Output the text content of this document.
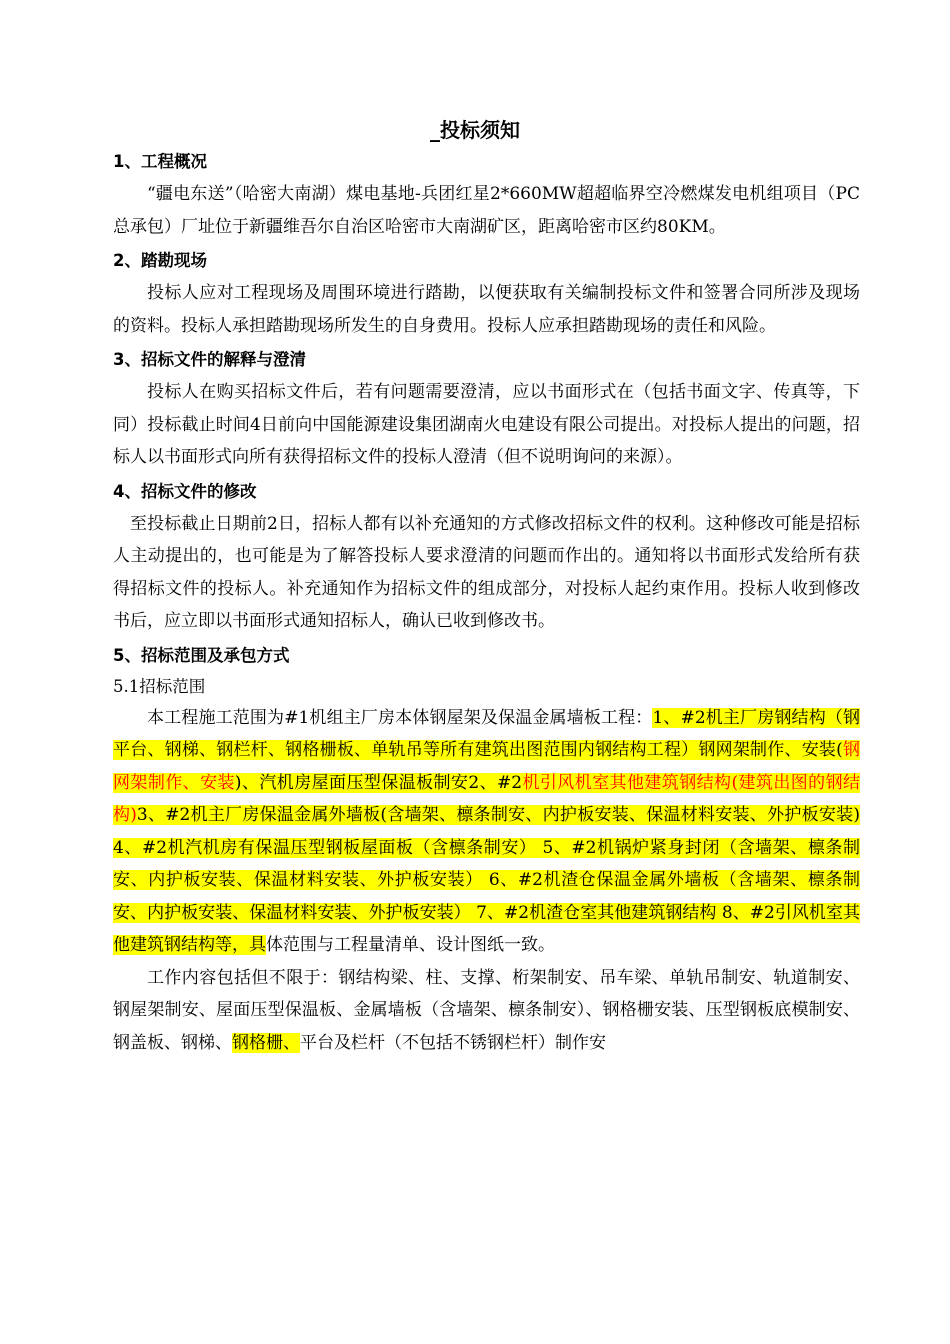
_投标须知
1、工程概况

“疆电东送”（哈密大南湖）煤电基地-兵团红星2*660MW超超临界空冷燃煤发电机组项目（PC总承包）厂址位于新疆维吾尔自治区哈密市大南湖矿区，距离哈密市区约80KM。

2、踏勘现场

投标人应对工程现场及周围环境进行踏勘，以便获取有关编制投标文件和签署合同所涉及现场的资料。投标人承担踏勘现场所发生的自身费用。投标人应承担踏勘现场的责任和风险。

3、招标文件的解释与澄清

投标人在购买招标文件后，若有问题需要澄清，应以书面形式在（包括书面文字、传真等，下同）投标截止时间4日前向中国能源建设集团湖南火电建设有限公司提出。对投标人提出的问题，招标人以书面形式向所有获得招标文件的投标人澄清（但不说明询问的来源）。

4、招标文件的修改

至投标截止日期前2日，招标人都有以补充通知的方式修改招标文件的权利。这种修改可能是招标人主动提出的，也可能是为了解答投标人要求澄清的问题而作出的。通知将以书面形式发给所有获得招标文件的投标人。补充通知作为招标文件的组成部分，对投标人起约束作用。投标人收到修改书后，应立即以书面形式通知招标人，确认已收到修改书。

5、招标范围及承包方式
5.1招标范围

本工程施工范围为#1机组主厂房本体钢屋架及保温金属墙板工程：1、#2机主厂房钢结构（钢平台、钢梯、钢栏杆、钢格栅板、单轨吊等所有建筑出图范围内钢结构工程）钢网架制作、安装(钢网架制作、安装)、汽机房屋面压型保温板制安2、#2机引风机室其他建筑钢结构(建筑出图的钢结构)3、#2机主厂房保温金属外墙板(含墙架、檩条制安、内护板安装、保温材料安装、外护板安装) 4、#2机汽机房有保温压型钢板屋面板（含檩条制安） 5、#2机锅炉紧身封闭（含墙架、檩条制安、内护板安装、保温材料安装、外护板安装） 6、#2机渣仓保温金属外墙板（含墙架、檩条制安、内护板安装、保温材料安装、外护板安装） 7、#2机渣仓室其他建筑钢结构 8、#2引风机室其他建筑钢结构等，具体范围与工程量清单、设计图纸一致。

工作内容包括但不限于：钢结构梁、柱、支撑、桁架制安、吊车梁、单轨吊制安、轨道制安、钢屋架制安、屋面压型保温板、金属墙板（含墙架、檩条制安）、钢格栅安装、压型钢板底模制安、钢盖板、钢梯、钢格栅、平台及栏杆（不包括不锈钢栏杆）制作安
